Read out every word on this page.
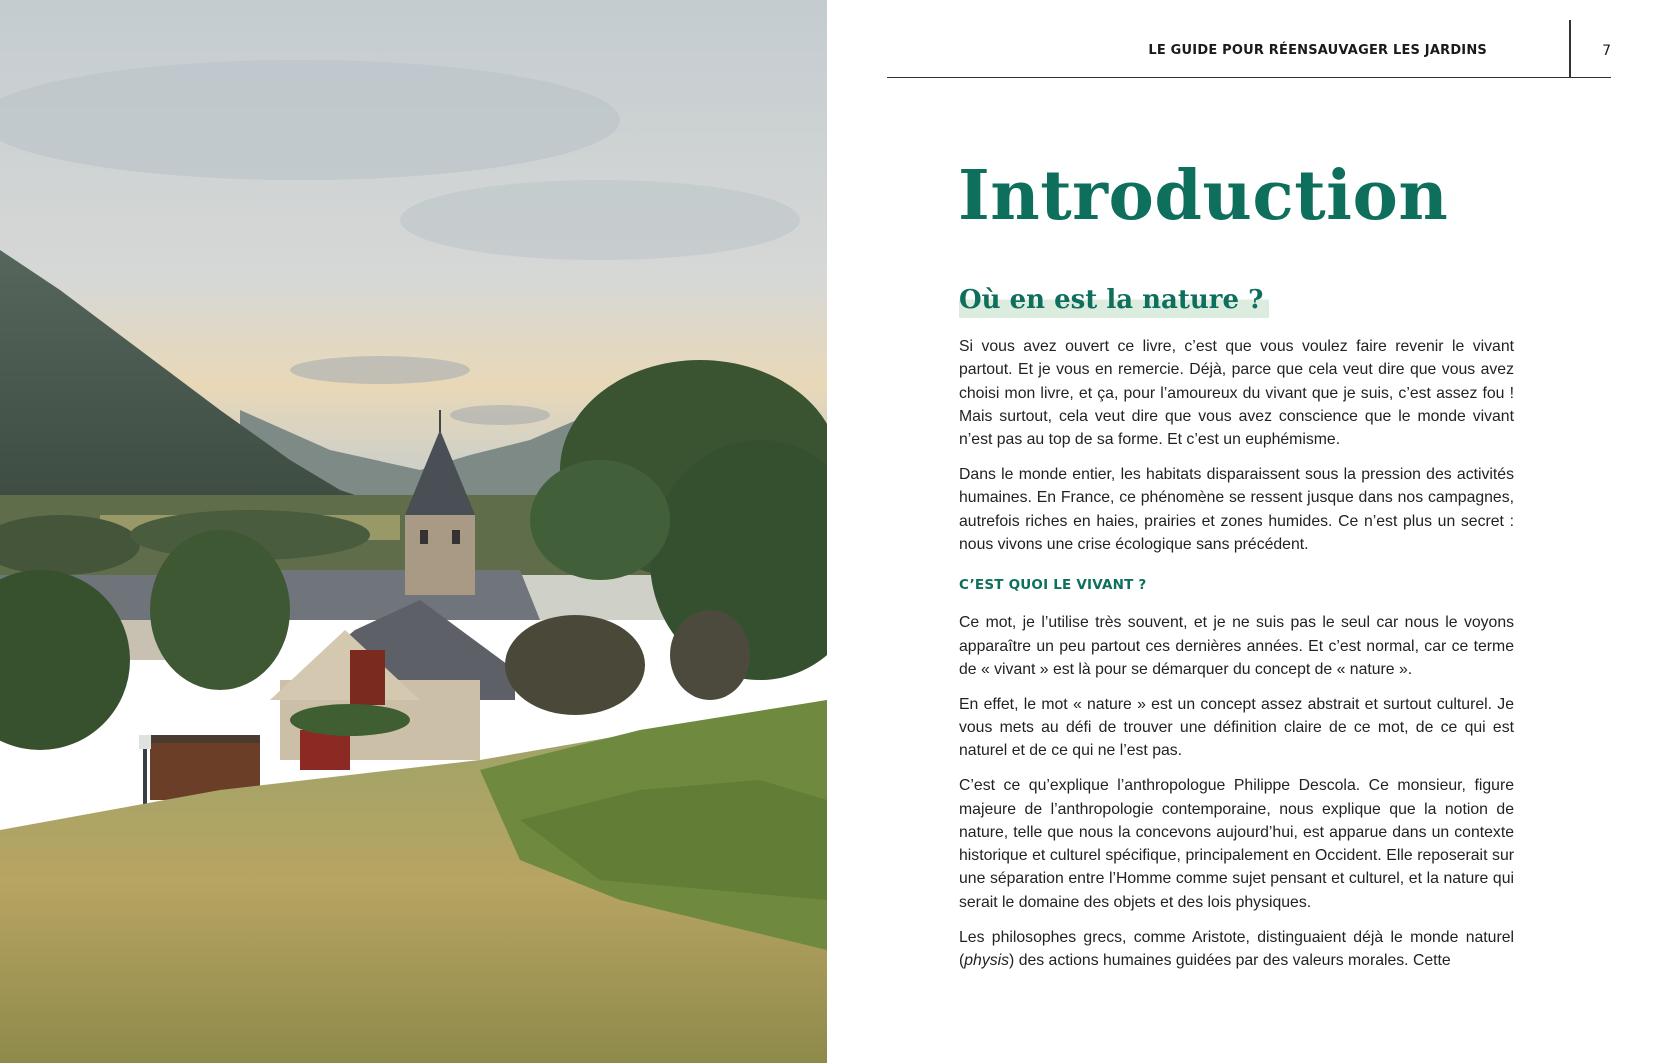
LE GUIDE POUR RÉENSAUVAGER LES JARDINS	7
Introduction
Où en est la nature ?

Si vous avez ouvert ce livre, c’est que vous voulez faire revenir le vivant partout. Et je vous en remercie. Déjà, parce que cela veut dire que vous avez choisi mon livre, et ça, pour l’amoureux du vivant que je suis, c’est assez fou ! Mais surtout, cela veut dire que vous avez conscience que le monde vivant n’est pas au top de sa forme. Et c’est un euphémisme.

Dans le monde entier, les habitats disparaissent sous la pression des activités humaines. En France, ce phénomène se ressent jusque dans nos campagnes, autrefois riches en haies, prairies et zones humides. Ce n’est plus un secret : nous vivons une crise écologique sans précédent.

C’EST QUOI LE VIVANT ?

Ce mot, je l’utilise très souvent, et je ne suis pas le seul car nous le voyons apparaître un peu partout ces dernières années. Et c’est normal, car ce terme de « vivant » est là pour se démarquer du concept de « nature ».

En effet, le mot « nature » est un concept assez abstrait et surtout culturel. Je vous mets au défi de trouver une définition claire de ce mot, de ce qui est naturel et de ce qui ne l’est pas.

C’est ce qu’explique l’anthropologue Philippe Descola. Ce monsieur, figure majeure de l’anthropologie contemporaine, nous explique que la notion de nature, telle que nous la concevons aujourd’hui, est apparue dans un contexte historique et culturel spécifique, principalement en Occident. Elle reposerait sur une séparation entre l’Homme comme sujet pensant et culturel, et la nature qui serait le domaine des objets et des lois physiques.

Les philosophes grecs, comme Aristote, distinguaient déjà le monde naturel (physis) des actions humaines guidées par des valeurs morales. Cette
